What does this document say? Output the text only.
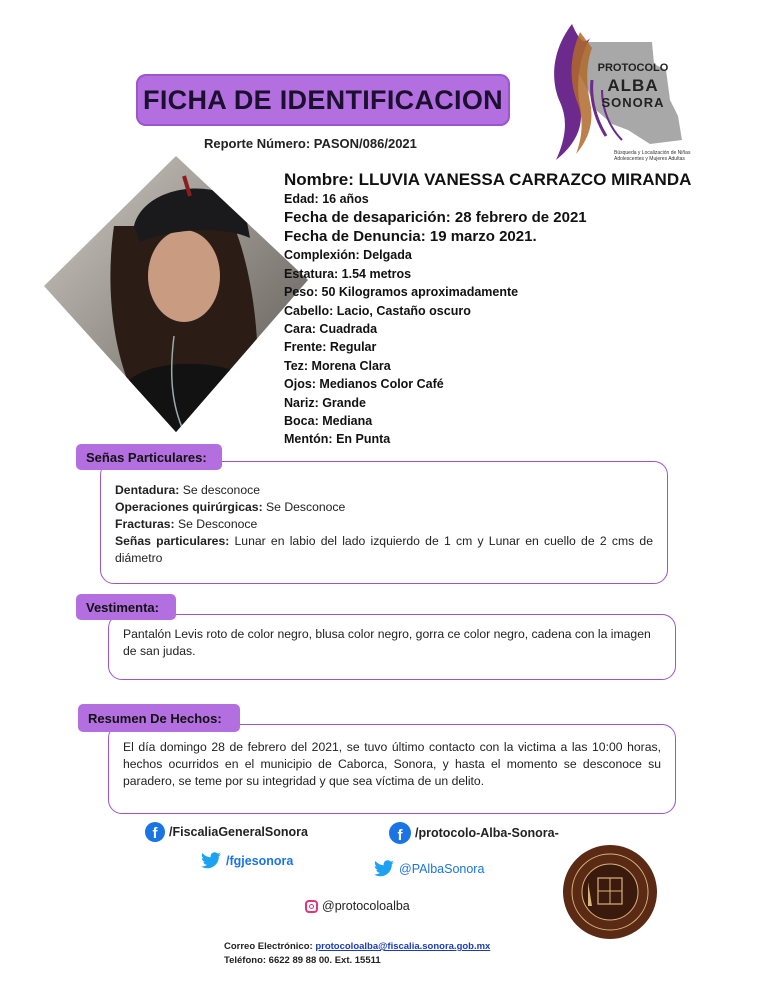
PROTOCOLO
ALBA
SONORA
Búsqueda y Localización de Niñas Adolescentes y Mujeres Adultas
FICHA DE IDENTIFICACION
Reporte Número: PASON/086/2021
Nombre: LLUVIA VANESSA CARRAZCO MIRANDA
Edad: 16 años
Fecha de desaparición: 28 febrero de 2021
Fecha de Denuncia: 19 marzo 2021.
Complexión: Delgada
Estatura: 1.54 metros
Peso: 50 Kilogramos aproximadamente
Cabello: Lacio, Castaño oscuro
Cara: Cuadrada
Frente: Regular
Tez: Morena Clara
Ojos: Medianos Color Café
Nariz: Grande
Boca: Mediana
Mentón: En Punta
Dentadura: Se desconoce
Operaciones quirúrgicas: Se Desconoce
Fracturas: Se Desconoce
Señas particulares: Lunar en labio del lado izquierdo de 1 cm y Lunar en cuello de 2 cms de diámetro
Señas Particulares:
Pantalón Levis roto de color negro, blusa color negro, gorra ce color negro, cadena con la imagen de san judas.
Vestimenta:
El día domingo 28 de febrero del 2021, se tuvo último contacto con la victima a las 10:00 horas, hechos ocurridos en el municipio de Caborca, Sonora, y hasta el momento se desconoce su paradero, se teme por su integridad y que sea víctima de un delito.
Resumen De Hechos:
f /FiscaliaGeneralSonora	f	/protocolo-Alba-Sonora-
/fgjesonora
@PAlbaSonora
@protocoloalba
Correo Electrónico: protocoloalba@fiscalia.sonora.gob.mx
Teléfono: 6622 89 88 00. Ext. 15511
